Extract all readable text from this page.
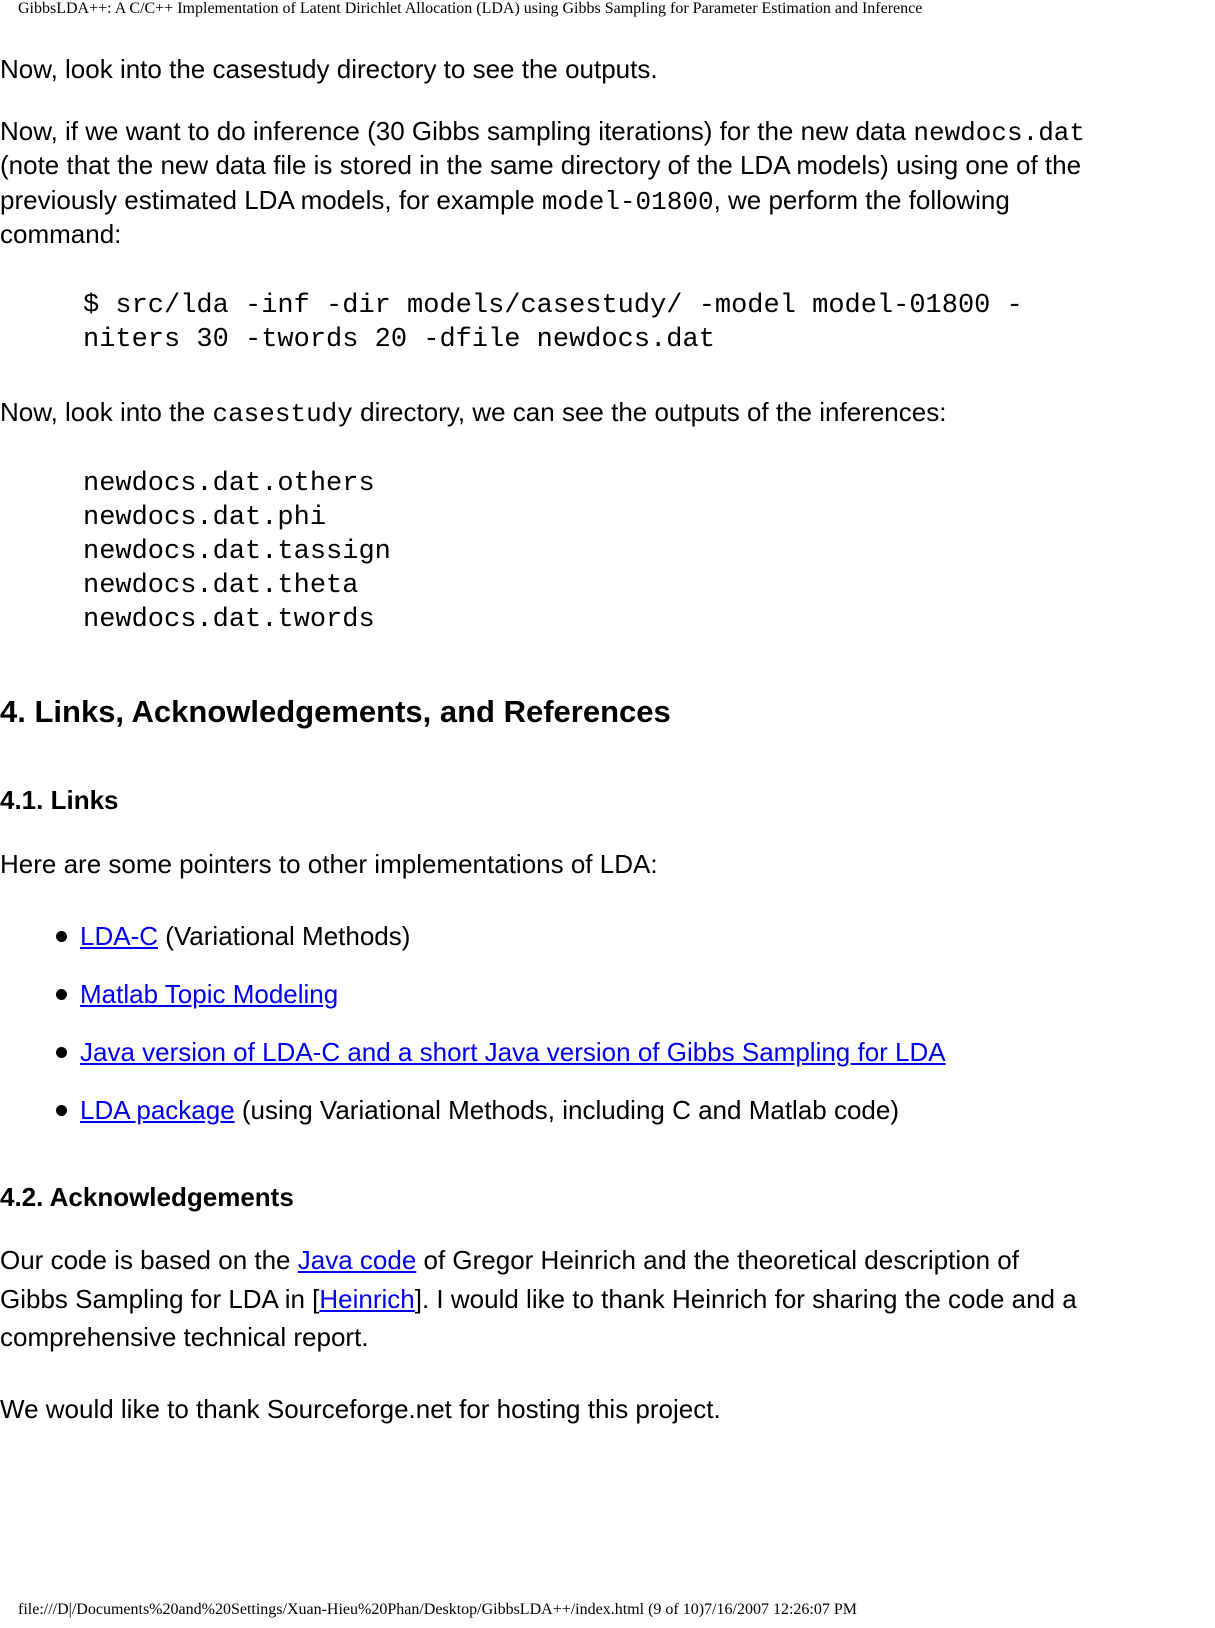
GibbsLDA++: A C/C++ Implementation of Latent Dirichlet Allocation (LDA) using Gibbs Sampling for Parameter Estimation and Inference

Now, look into the casestudy directory to see the outputs.

Now, if we want to do inference (30 Gibbs sampling iterations) for the new data newdocs.dat

(note that the new data file is stored in the same directory of the LDA models) using one of the

previously estimated LDA models, for example model-01800, we perform the following

command:

$ src/lda -inf -dir models/casestudy/ -model model-01800 -
niters 30 -twords 20 -dfile newdocs.dat

Now, look into the casestudy directory, we can see the outputs of the inferences:

newdocs.dat.others
newdocs.dat.phi
newdocs.dat.tassign
newdocs.dat.theta
newdocs.dat.twords
4. Links, Acknowledgements, and References
4.1. Links

Here are some pointers to other implementations of LDA:

LDA-C (Variational Methods)
Matlab Topic Modeling
Java version of LDA-C and a short Java version of Gibbs Sampling for LDA
LDA package (using Variational Methods, including C and Matlab code)
4.2. Acknowledgements

Our code is based on the Java code of Gregor Heinrich and the theoretical description of

Gibbs Sampling for LDA in [Heinrich]. I would like to thank Heinrich for sharing the code and a

comprehensive technical report.

We would like to thank Sourceforge.net for hosting this project.

file:///D|/Documents%20and%20Settings/Xuan-Hieu%20Phan/Desktop/GibbsLDA++/index.html (9 of 10)7/16/2007 12:26:07 PM
